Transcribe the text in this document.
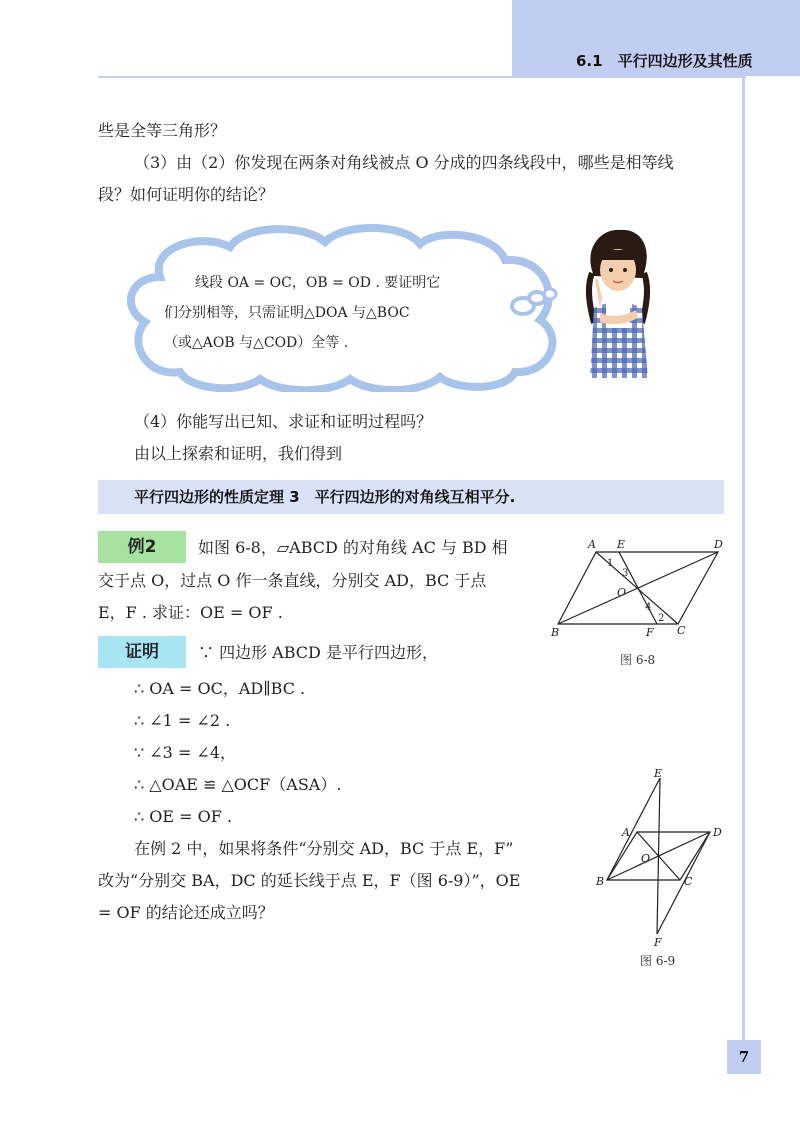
6.1　平行四边形及其性质
些是全等三角形？
（3）由（2）你发现在两条对角线被点 O 分成的四条线段中，哪些是相等线
段？如何证明你的结论？
线段 OA = OC，OB = OD . 要证明它
们分别相等，只需证明△DOA 与△BOC
（或△AOB 与△COD）全等 .
（4）你能写出已知、求证和证明过程吗？
由以上探索和证明，我们得到
平行四边形的性质定理 3　平行四边形的对角线互相平分.
例2	如图 6-8，▱ABCD 的对角线 AC 与 BD 相
交于点 O，过点 O 作一条直线，分别交 AD，BC 于点
E，F . 求证：OE = OF .
证明	∵ 四边形 ABCD 是平行四边形，
∴ OA = OC，AD∥BC .
∴ ∠1 = ∠2 .
∵ ∠3 = ∠4，
∴ △OAE ≌ △OCF（ASA）.
∴ OE = OF .
在例 2 中，如果将条件“分别交 AD，BC 于点 E，F”
改为“分别交 BA，DC 的延长线于点 E，F（图 6-9）”，OE
= OF 的结论还成立吗？
A E	D
B	F C
O
1
3
4
2
图 6-8
E
A	D
O
B	C
F
图 6-9
7
